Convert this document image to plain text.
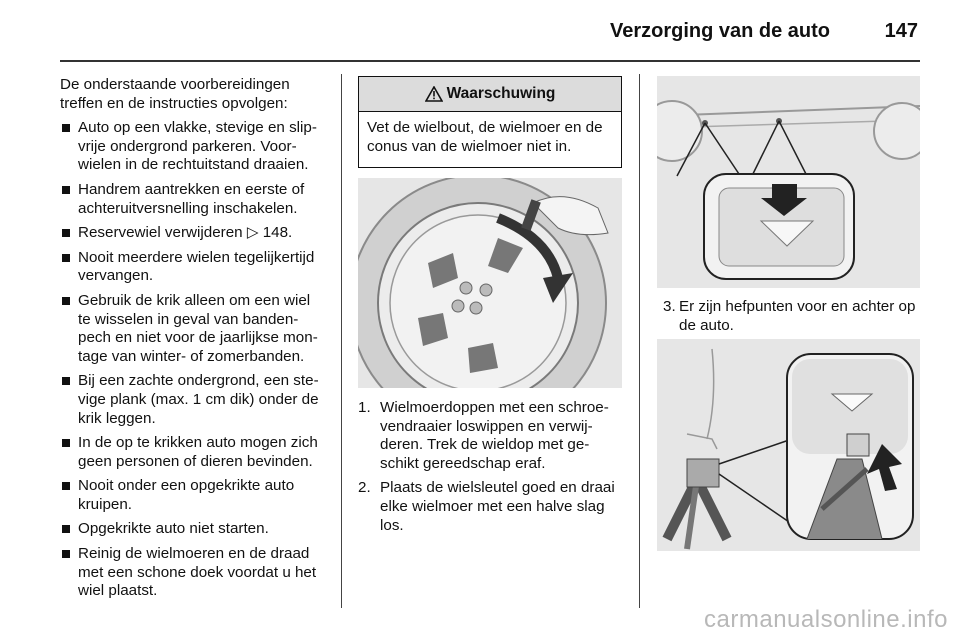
Verzorging van de auto	147

De onderstaande voorbereidingen treffen en de instructies opvolgen:

Auto op een vlakke, stevige en slip-vrije ondergrond parkeren. Voor-wielen in de rechtuitstand draaien.
Handrem aantrekken en eerste of achteruitversnelling inschakelen.
Reservewiel verwijderen ▷ 148.
Nooit meerdere wielen tegelijkertijd vervangen.
Gebruik de krik alleen om een wiel te wisselen in geval van banden-pech en niet voor de jaarlijkse mon-tage van winter- of zomerbanden.
Bij een zachte ondergrond, een ste-vige plank (max. 1 cm dik) onder de krik leggen.
In de op te krikken auto mogen zich geen personen of dieren bevinden.
Nooit onder een opgekrikte auto kruipen.
Opgekrikte auto niet starten.
Reinig de wielmoeren en de draad met een schone doek voordat u het wiel plaatst.
Waarschuwing
Vet de wielbout, de wielmoer en de conus van de wielmoer niet in.
1. Wielmoerdoppen met een schroe-vendraaier loswippen en verwij-deren. Trek de wieldop met ge-schikt gereedschap eraf.
2. Plaats de wielsleutel goed en draai elke wielmoer met een halve slag los.
3. Er zijn hefpunten voor en achter op de auto.
carmanualsonline.info
